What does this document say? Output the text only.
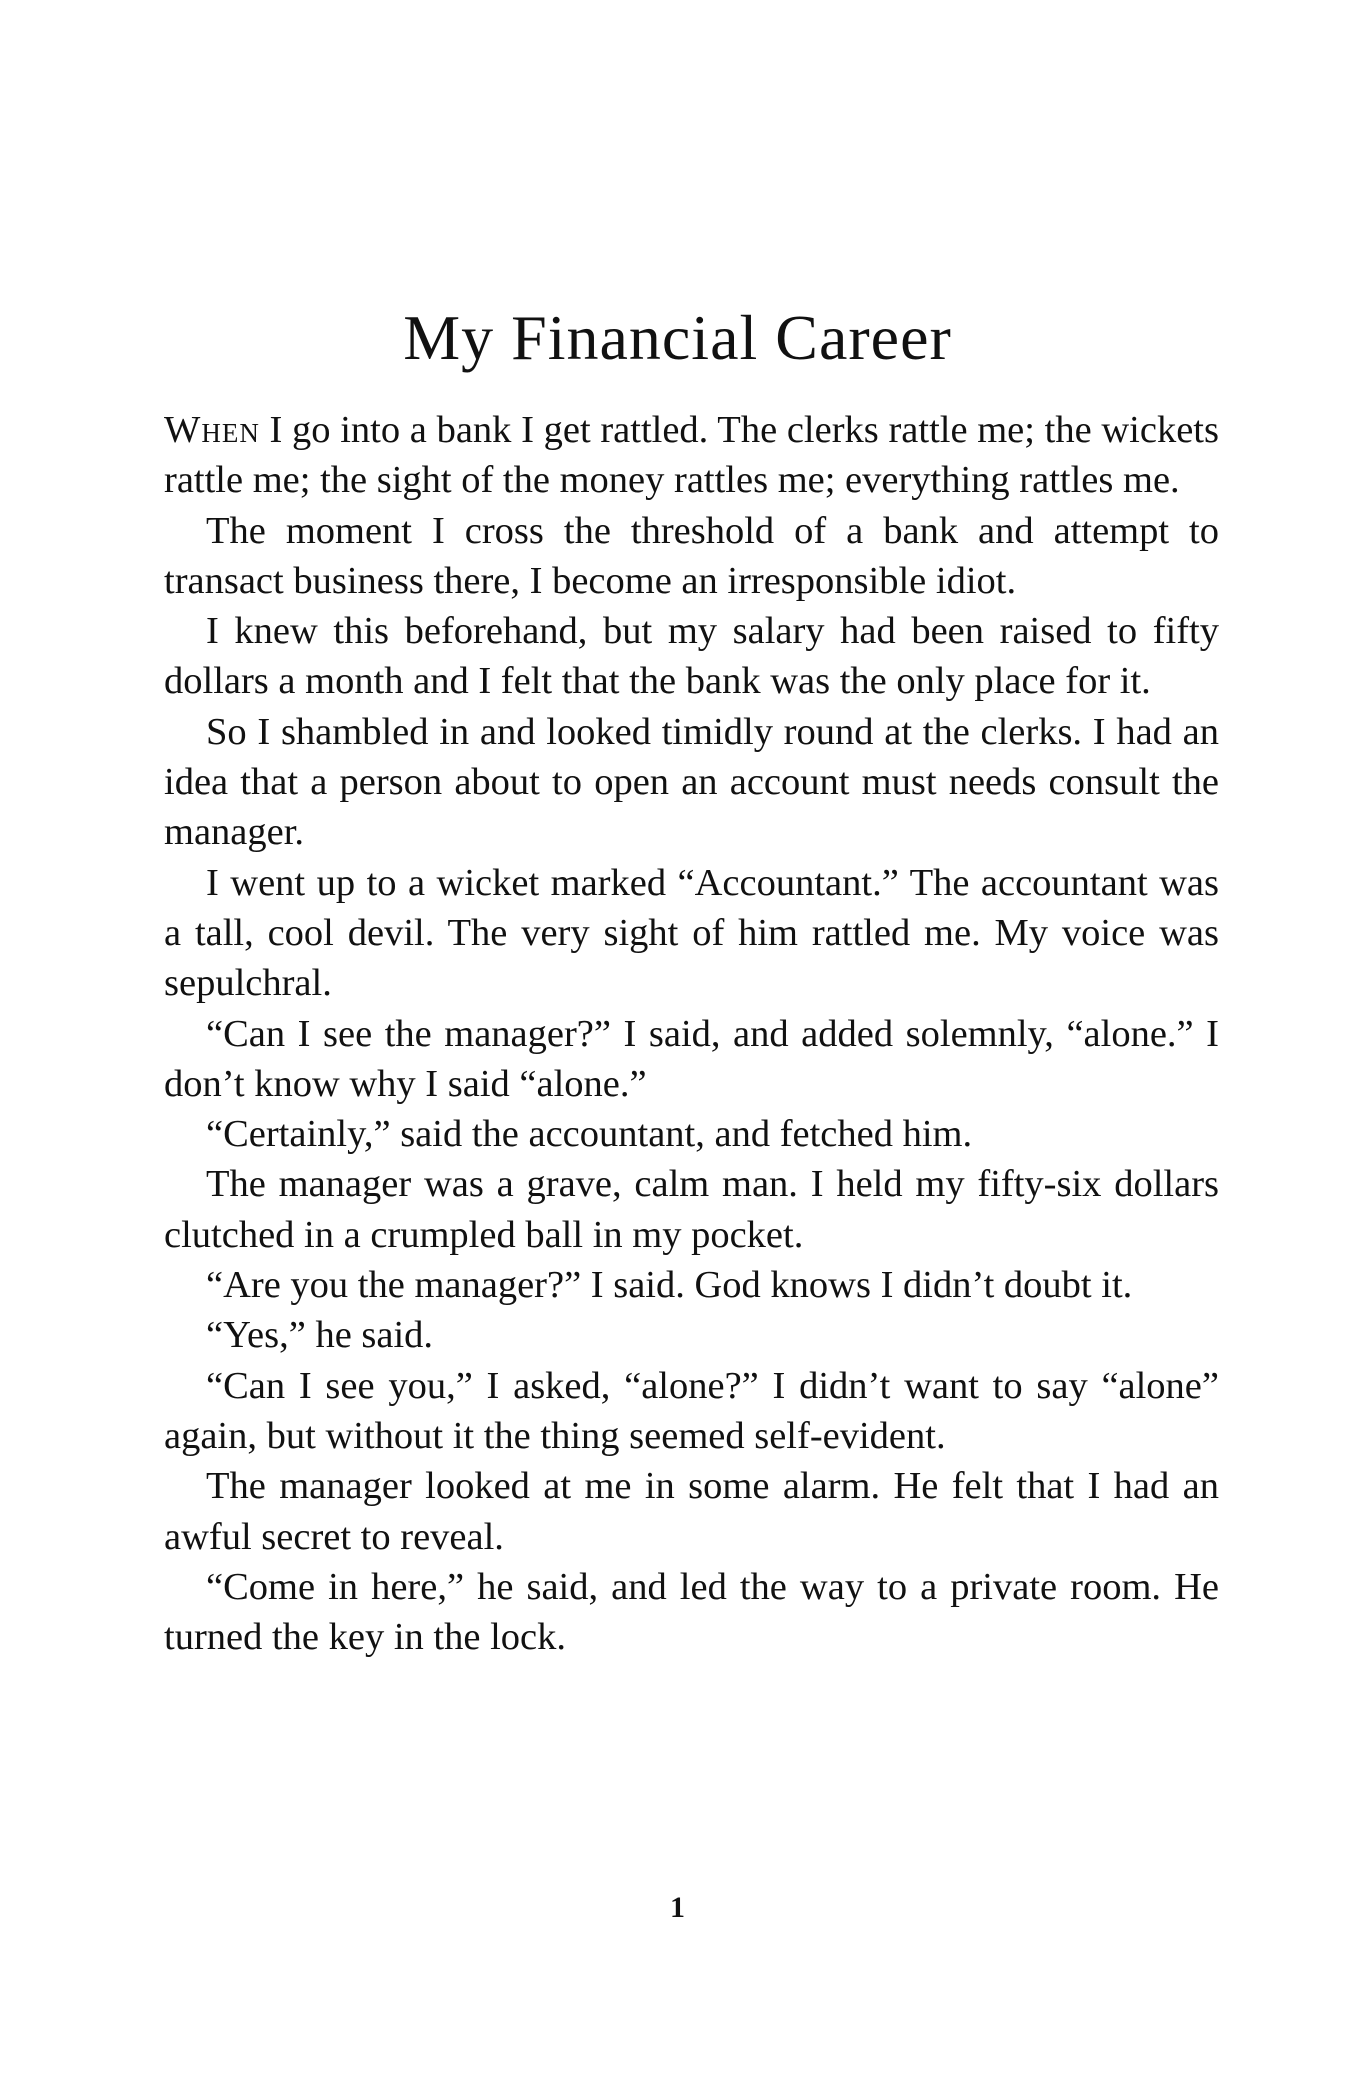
My Financial Career

When I go into a bank I get rattled. The clerks rattle me; the wickets rattle me; the sight of the money rattles me; everything rattles me.

The moment I cross the threshold of a bank and attempt to transact business there, I become an irresponsible idiot.

I knew this beforehand, but my salary had been raised to fifty dollars a month and I felt that the bank was the only place for it.

So I shambled in and looked timidly round at the clerks. I had an idea that a person about to open an account must needs consult the manager.

I went up to a wicket marked “Accountant.” The accountant was a tall, cool devil. The very sight of him rattled me. My voice was sepulchral.

“Can I see the manager?” I said, and added solemnly, “alone.” I don’t know why I said “alone.”

“Certainly,” said the accountant, and fetched him.

The manager was a grave, calm man. I held my fifty-six dollars clutched in a crumpled ball in my pocket.

“Are you the manager?” I said. God knows I didn’t doubt it.

“Yes,” he said.

“Can I see you,” I asked, “alone?” I didn’t want to say “alone” again, but without it the thing seemed self-evident.

The manager looked at me in some alarm. He felt that I had an awful secret to reveal.

“Come in here,” he said, and led the way to a private room. He turned the key in the lock.

1
